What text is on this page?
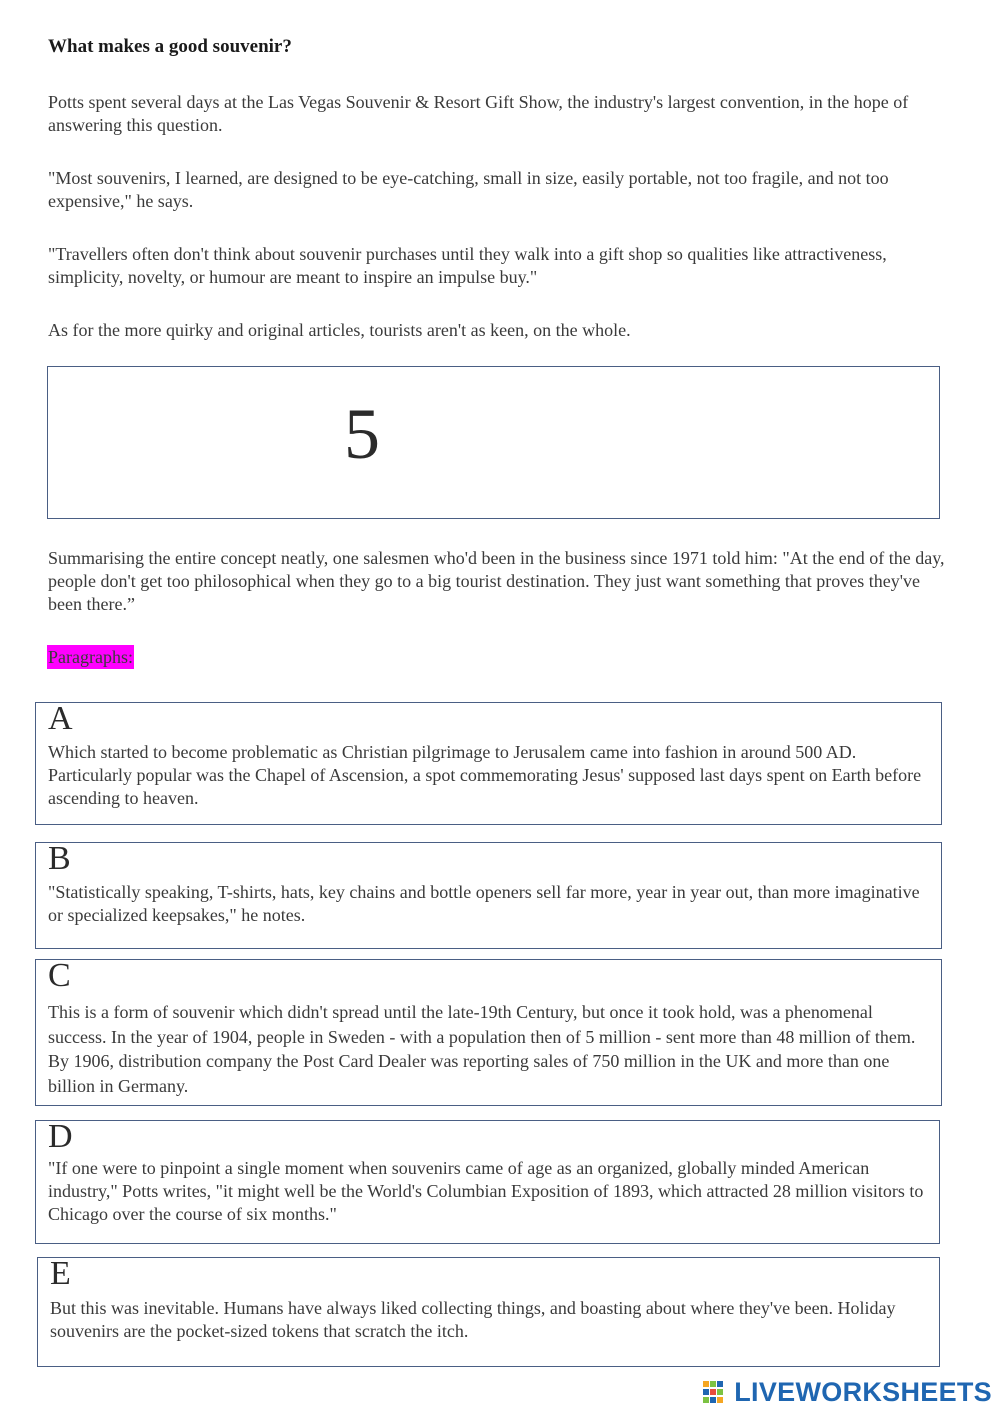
What makes a good souvenir?
Potts spent several days at the Las Vegas Souvenir & Resort Gift Show, the industry's largest convention, in the hope of answering this question.
"Most souvenirs, I learned, are designed to be eye-catching, small in size, easily portable, not too fragile, and not too expensive," he says.
"Travellers often don't think about souvenir purchases until they walk into a gift shop so qualities like attractiveness, simplicity, novelty, or humour are meant to inspire an impulse buy."
As for the more quirky and original articles, tourists aren't as keen, on the whole.
5
Summarising the entire concept neatly, one salesmen who'd been in the business since 1971 told him: "At the end of the day, people don't get too philosophical when they go to a big tourist destination. They just want something that proves they've been there.”
Paragraphs:
A
Which started to become problematic as Christian pilgrimage to Jerusalem came into fashion in around 500 AD. Particularly popular was the Chapel of Ascension, a spot commemorating Jesus' supposed last days spent on Earth before ascending to heaven.
B
"Statistically speaking, T-shirts, hats, key chains and bottle openers sell far more, year in year out, than more imaginative or specialized keepsakes," he notes.
C
This is a form of souvenir which didn't spread until the late-19th Century, but once it took hold, was a phenomenal success. In the year of 1904, people in Sweden - with a population then of 5 million - sent more than 48 million of them. By 1906, distribution company the Post Card Dealer was reporting sales of 750 million in the UK and more than one billion in Germany.
D
"If one were to pinpoint a single moment when souvenirs came of age as an organized, globally minded American industry," Potts writes, "it might well be the World's Columbian Exposition of 1893, which attracted 28 million visitors to Chicago over the course of six months."
E
But this was inevitable. Humans have always liked collecting things, and boasting about where they've been. Holiday souvenirs are the pocket-sized tokens that scratch the itch.
LIVEWORKSHEETS
